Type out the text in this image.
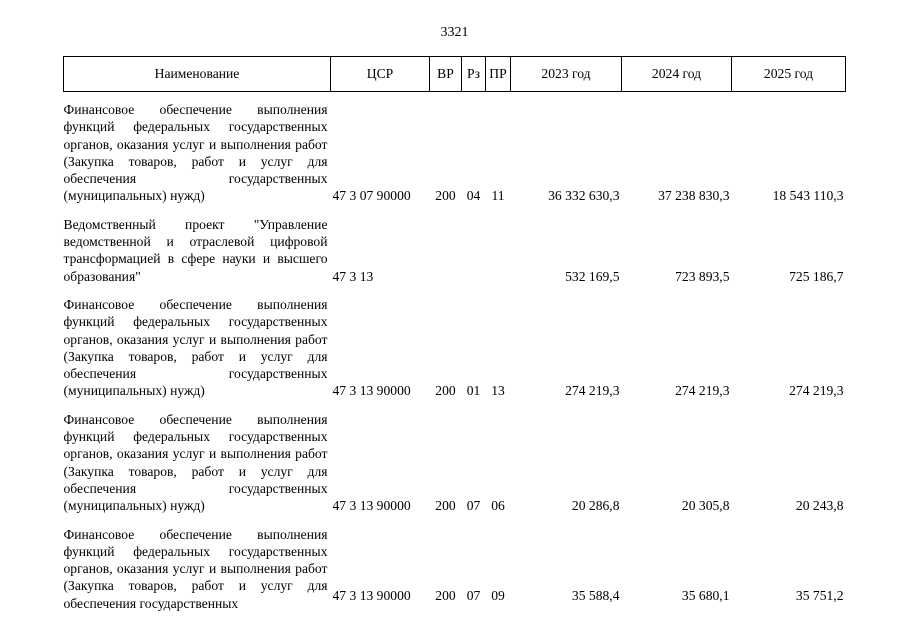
3321
Наименование	ЦСР	ВР	Рз	ПР	2023 год	2024 год	2025 год

Финансовое обеспечение выполнения функций федеральных государственных органов, оказания услуг и выполнения работ (Закупка товаров, работ и услуг для обеспечения государственных (муниципальных) нужд)	47 3 07 90000	200	04	11	36 332 630,3	37 238 830,3	18 543 110,3
Ведомственный проект "Управление ведомственной и отраслевой цифровой трансформацией в сфере науки и высшего образования"	47 3 13				532 169,5	723 893,5	725 186,7
Финансовое обеспечение выполнения функций федеральных государственных органов, оказания услуг и выполнения работ (Закупка товаров, работ и услуг для обеспечения государственных (муниципальных) нужд)	47 3 13 90000	200	01	13	274 219,3	274 219,3	274 219,3
Финансовое обеспечение выполнения функций федеральных государственных органов, оказания услуг и выполнения работ (Закупка товаров, работ и услуг для обеспечения государственных (муниципальных) нужд)	47 3 13 90000	200	07	06	20 286,8	20 305,8	20 243,8
Финансовое обеспечение выполнения функций федеральных государственных органов, оказания услуг и выполнения работ (Закупка товаров, работ и услуг для обеспечения государственных	47 3 13 90000	200	07	09	35 588,4	35 680,1	35 751,2
